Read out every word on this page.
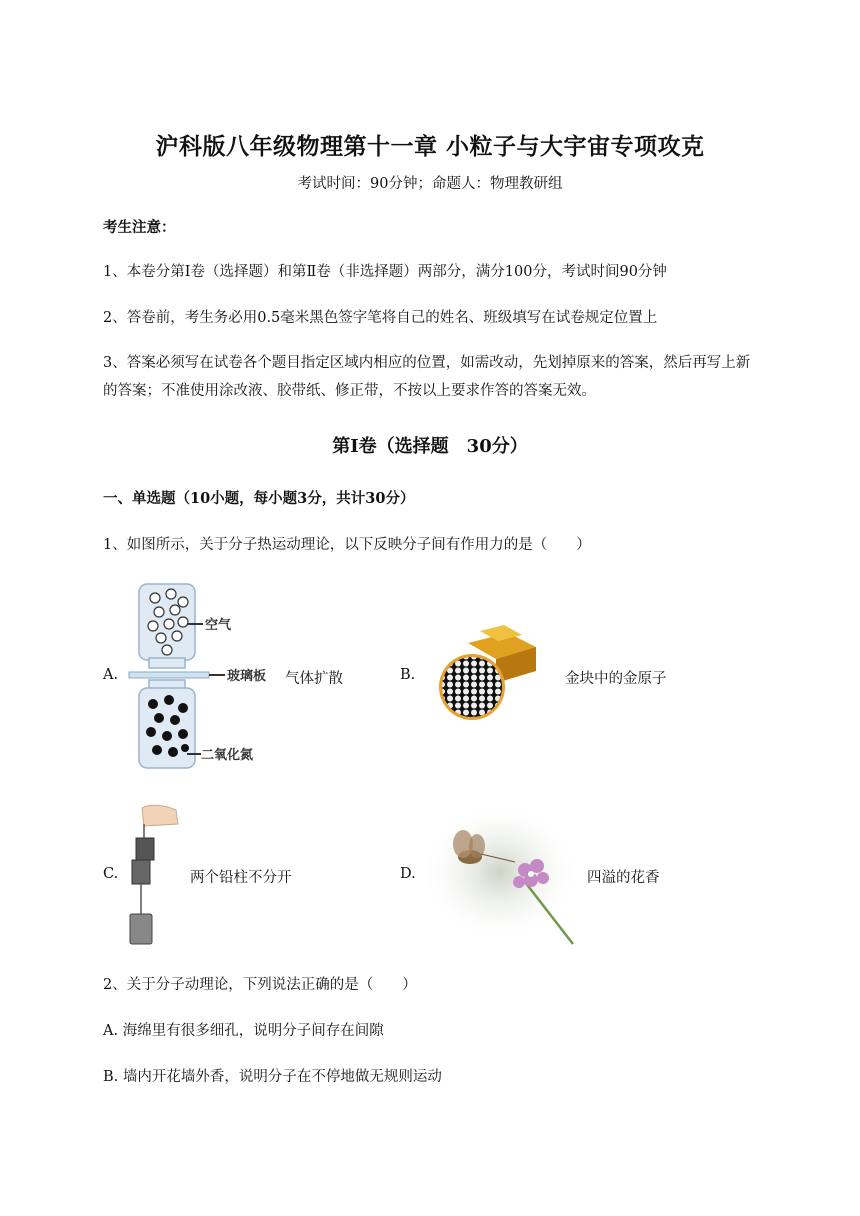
沪科版八年级物理第十一章 小粒子与大宇宙专项攻克
考试时间：90分钟；命题人：物理教研组
考生注意：
1、本卷分第I卷（选择题）和第Ⅱ卷（非选择题）两部分，满分100分，考试时间90分钟
2、答卷前，考生务必用0.5毫米黑色签字笔将自己的姓名、班级填写在试卷规定位置上
3、答案必须写在试卷各个题目指定区域内相应的位置，如需改动，先划掉原来的答案，然后再写上新
的答案；不准使用涂改液、胶带纸、修正带，不按以上要求作答的答案无效。
第I卷（选择题　30分）
一、单选题（10小题，每小题3分，共计30分）
1、如图所示，关于分子热运动理论，以下反映分子间有作用力的是（　　）
A.
空气
玻璃板
二氧化氮
气体扩散	B.	金块中的金原子
C.	两个铅柱不分开	D.	四溢的花香
2、关于分子动理论，下列说法正确的是（　　）
A. 海绵里有很多细孔，说明分子间存在间隙
B. 墙内开花墙外香，说明分子在不停地做无规则运动
